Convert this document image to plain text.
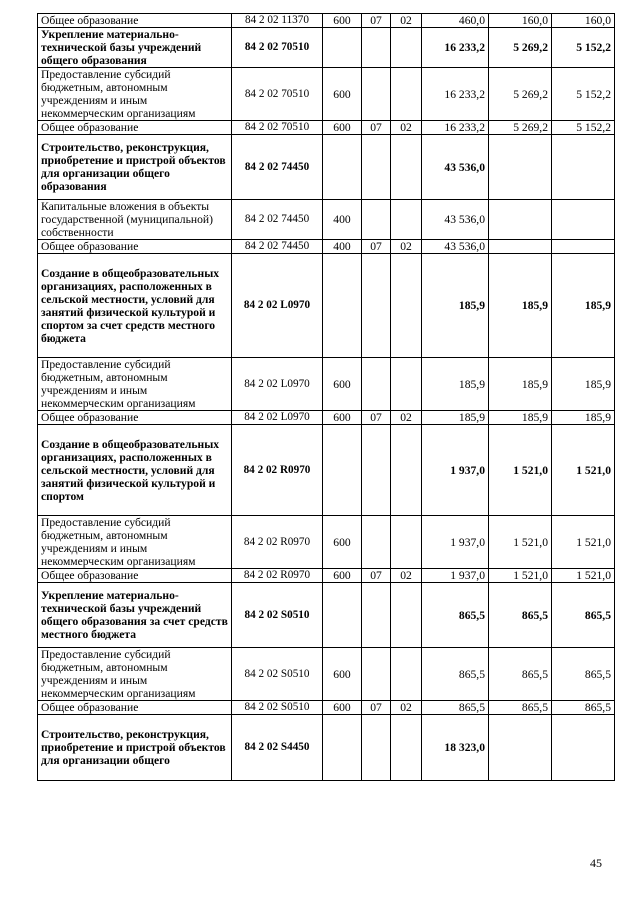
Общее образование	84 2 02 11370	600	07	02	460,0	160,0	160,0
Укрепление материально-технической базы учреждений общего образования	84 2 02 70510				16 233,2	5 269,2	5 152,2
Предоставление субсидий бюджетным, автономным учреждениям и иным некоммерческим организациям	84 2 02 70510	600			16 233,2	5 269,2	5 152,2
Общее образование	84 2 02 70510	600	07	02	16 233,2	5 269,2	5 152,2
Строительство, реконструкция, приобретение и пристрой объектов для организации общего образования	84 2 02 74450				43 536,0		
Капитальные вложения в объекты государственной (муниципальной) собственности	84 2 02 74450	400			43 536,0		
Общее образование	84 2 02 74450	400	07	02	43 536,0		
Создание в общеобразовательных организациях, расположенных в сельской местности, условий для занятий физической культурой и спортом за счет средств местного бюджета	84 2 02 L0970				185,9	185,9	185,9
Предоставление субсидий бюджетным, автономным учреждениям и иным некоммерческим организациям	84 2 02 L0970	600			185,9	185,9	185,9
Общее образование	84 2 02 L0970	600	07	02	185,9	185,9	185,9
Создание в общеобразовательных организациях, расположенных в сельской местности, условий для занятий физической культурой и спортом	84 2 02 R0970				1 937,0	1 521,0	1 521,0
Предоставление субсидий бюджетным, автономным учреждениям и иным некоммерческим организациям	84 2 02 R0970	600			1 937,0	1 521,0	1 521,0
Общее образование	84 2 02 R0970	600	07	02	1 937,0	1 521,0	1 521,0
Укрепление материально-технической базы учреждений общего образования за счет средств местного бюджета	84 2 02 S0510				865,5	865,5	865,5
Предоставление субсидий бюджетным, автономным учреждениям и иным некоммерческим организациям	84 2 02 S0510	600			865,5	865,5	865,5
Общее образование	84 2 02 S0510	600	07	02	865,5	865,5	865,5
Строительство, реконструкция, приобретение и пристрой объектов для организации общего	84 2 02 S4450				18 323,0		
45
